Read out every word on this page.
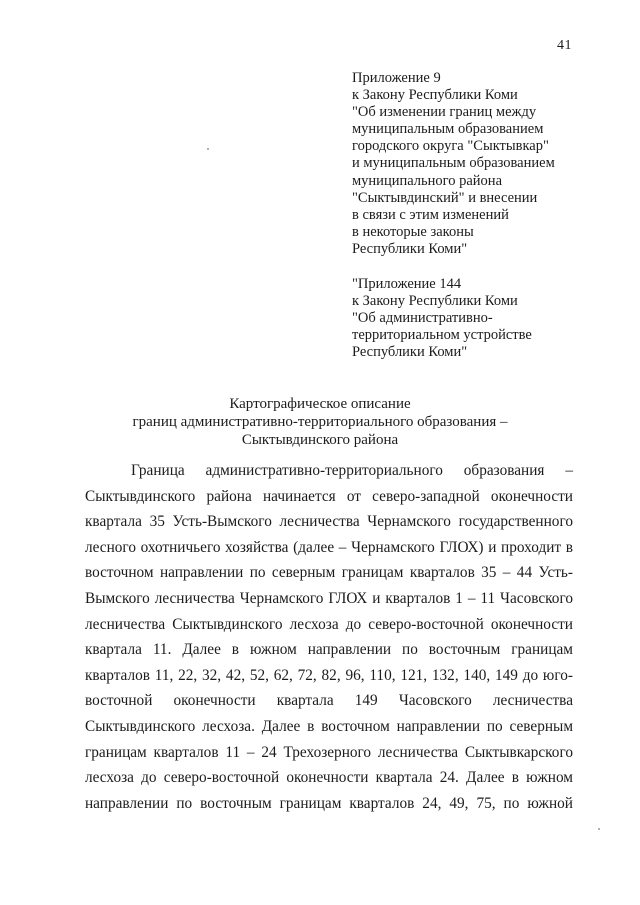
41
Приложение 9
к Закону Республики Коми
"Об изменении границ между
муниципальным образованием
городского округа "Сыктывкар"
и муниципальным образованием
муниципального района
"Сыктывдинский" и внесении
в связи с этим изменений
в некоторые законы
Республики Коми"
"Приложение 144
к Закону Республики Коми
"Об административно-
территориальном устройстве
Республики Коми"
Картографическое описание
границ административно-территориального образования –
Сыктывдинского района
Граница административно-территориального образования –
Сыктывдинского района начинается от северо-западной оконечности
квартала 35 Усть-Вымского лесничества Чернамского государственного
лесного охотничьего хозяйства (далее – Чернамского ГЛОХ) и проходит в
восточном направлении по северным границам кварталов 35 – 44 Усть-
Вымского лесничества Чернамского ГЛОХ и кварталов 1 – 11 Часовского
лесничества Сыктывдинского лесхоза до северо-восточной оконечности
квартала 11. Далее в южном направлении по восточным границам
кварталов 11, 22, 32, 42, 52, 62, 72, 82, 96, 110, 121, 132, 140, 149 до юго-
восточной оконечности квартала 149 Часовского лесничества
Сыктывдинского лесхоза. Далее в восточном направлении по северным
границам кварталов 11 – 24 Трехозерного лесничества Сыктывкарского
лесхоза до северо-восточной оконечности квартала 24. Далее в южном
направлении по восточным границам кварталов 24, 49, 75, по южной
